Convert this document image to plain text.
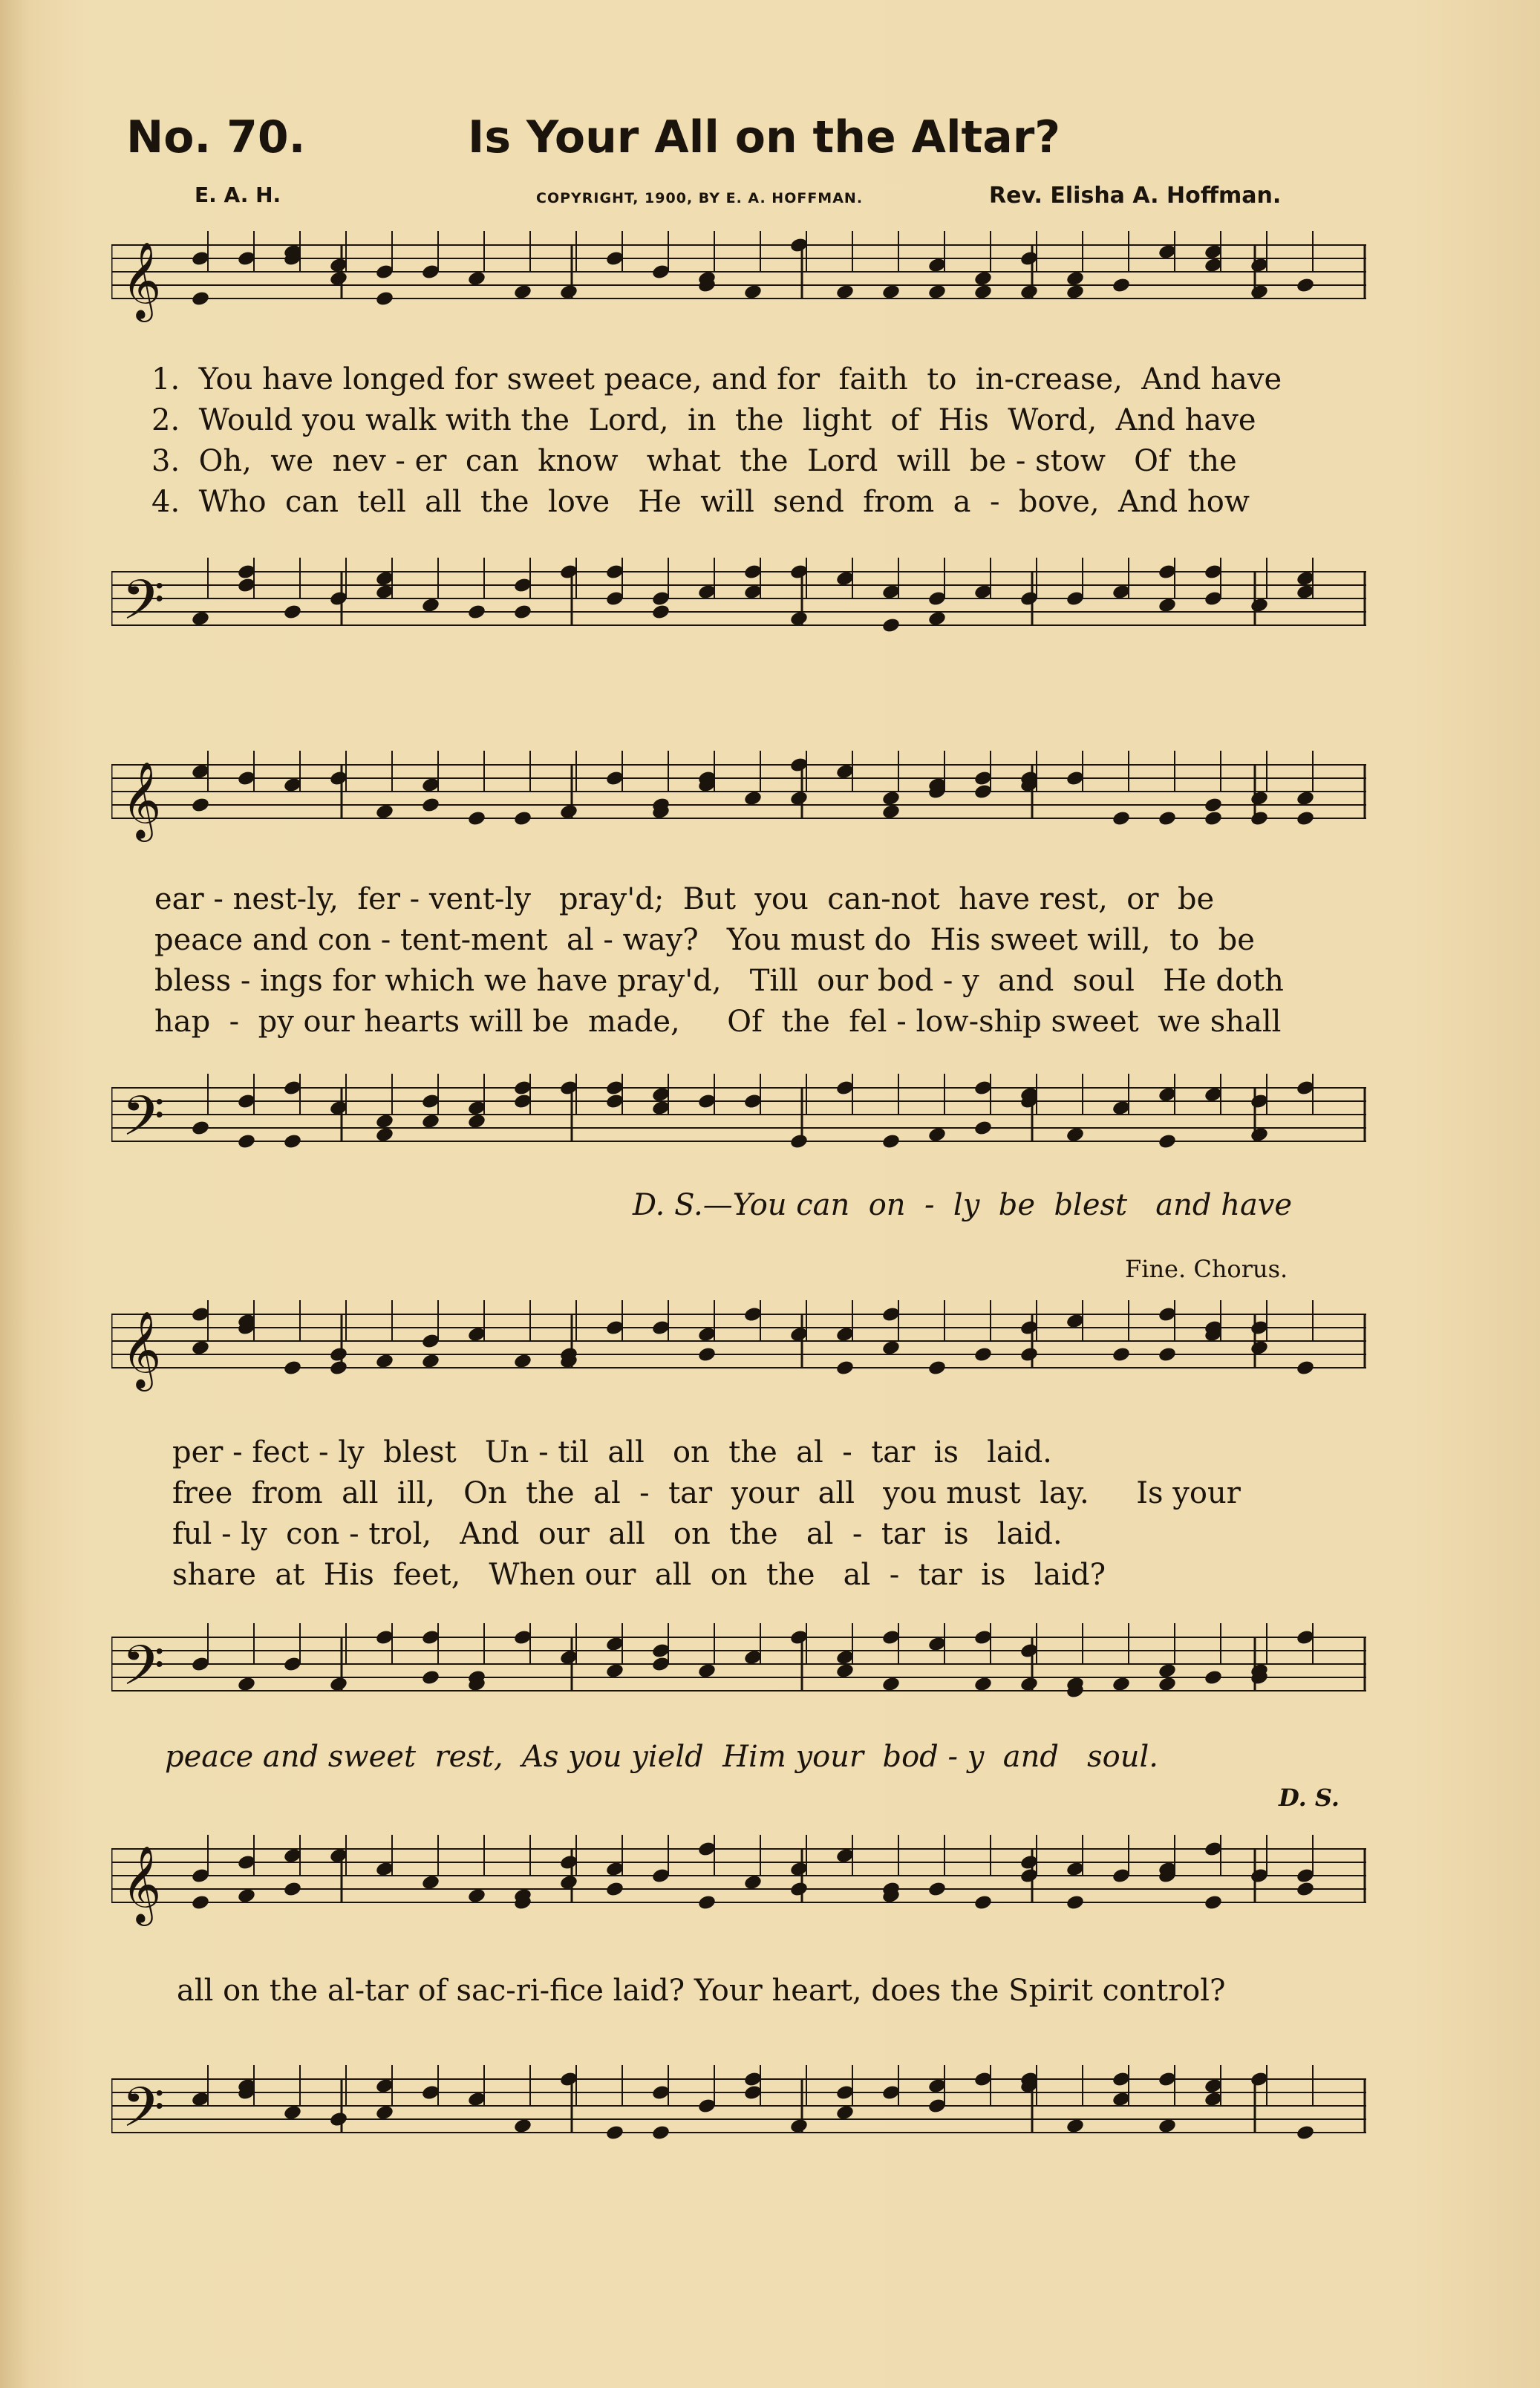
No. 70.	Is Your All on the Altar?
E. A. H.	COPYRIGHT, 1900, BY E. A. HOFFMAN.	Rev. Elisha A. Hoffman.
𝄞
1.  You have longed for sweet peace, and for  faith  to  in-crease,  And have
2.  Would you walk with the  Lord,  in  the  light  of  His  Word,  And have
3.  Oh,  we  nev - er  can  know   what  the  Lord  will  be - stow   Of  the
4.  Who  can  tell  all  the  love   He  will  send  from  a  -  bove,  And how
𝄢
𝄞
ear - nest-ly,  fer - vent-ly   pray'd;  But  you  can-not  have rest,  or  be
peace and con - tent-ment  al - way?   You must do  His sweet will,  to  be
bless - ings for which we have pray'd,   Till  our bod - y  and  soul   He doth
hap  -  py our hearts will be  made,     Of  the  fel - low-ship sweet  we shall
𝄢
D. S.—You can  on  -  ly  be  blest   and have
Fine. Chorus.
𝄞
per - fect - ly  blest   Un - til  all   on  the  al  -  tar  is   laid.
free  from  all  ill,   On  the  al  -  tar  your  all   you must  lay.     Is your
ful - ly  con - trol,   And  our  all   on  the   al  -  tar  is   laid.
share  at  His  feet,   When our  all  on  the   al  -  tar  is   laid?
𝄢
peace and sweet  rest,  As you yield  Him your  bod - y  and   soul.
D. S.
𝄞
all on the al-tar of sac-ri-fice laid? Your heart, does the Spirit control?
𝄢
